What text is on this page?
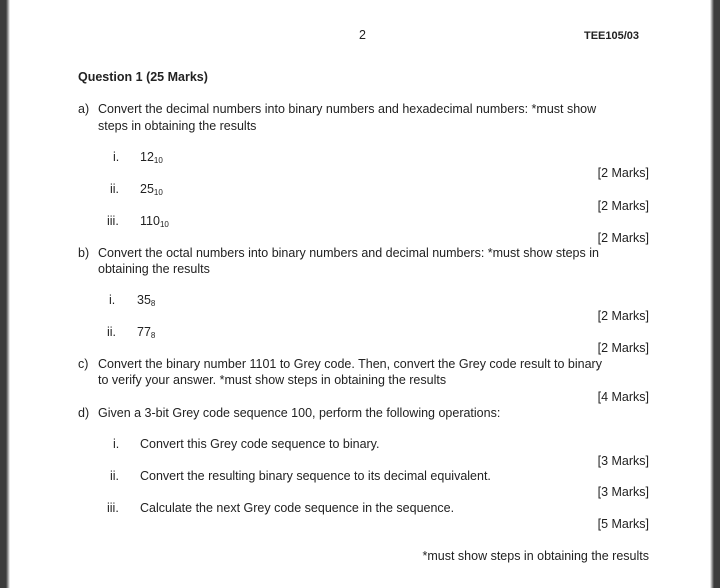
2	TEE105/03
Question 1 (25 Marks)
a) Convert the decimal numbers into binary numbers and hexadecimal numbers: *must show
steps in obtaining the results
i. $12_{10}$
[2 Marks]
ii. $25_{10}$
[2 Marks]
iii. $110_{10}$
[2 Marks]
b) Convert the octal numbers into binary numbers and decimal numbers: *must show steps in
obtaining the results
i. $35_8$
[2 Marks]
ii. $77_8$
[2 Marks]
c) Convert the binary number 1101 to Grey code. Then, convert the Grey code result to binary
to verify your answer. *must show steps in obtaining the results
[4 Marks]
d) Given a 3-bit Grey code sequence 100, perform the following operations:
i. Convert this Grey code sequence to binary.
[3 Marks]
ii. Convert the resulting binary sequence to its decimal equivalent.
[3 Marks]
iii. Calculate the next Grey code sequence in the sequence.
[5 Marks]
*must show steps in obtaining the results
